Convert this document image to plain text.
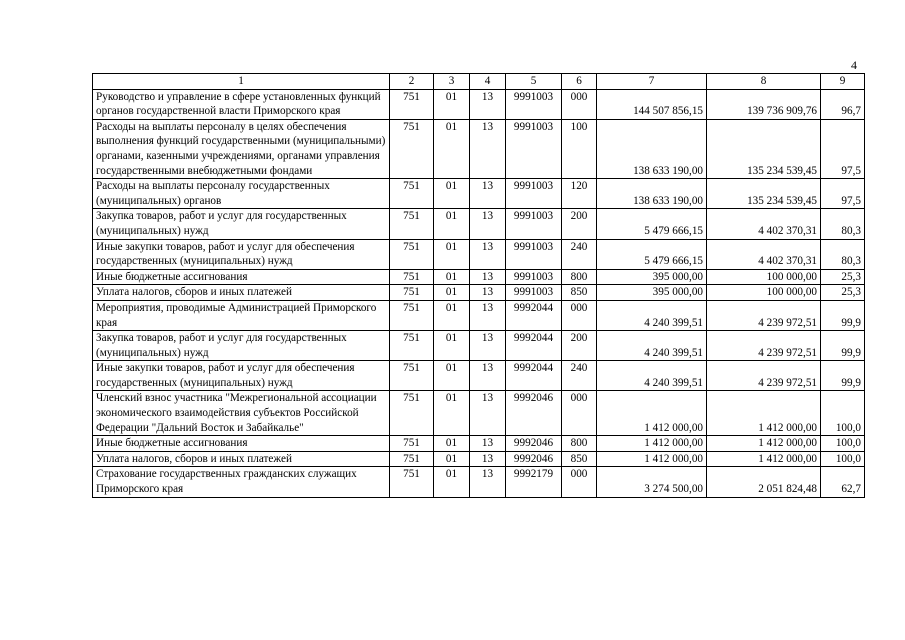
4
1	2	3	4	5	6	7	8	9
Руководство и управление в сфере установленных функций органов государственной власти Приморского края	751	01	13	9991003	000	144 507 856,15	139 736 909,76	96,7
Расходы на выплаты персоналу в целях обеспечения выполнения функций государственными (муниципальными) органами, казенными учреждениями, органами управления государственными внебюджетными фондами	751	01	13	9991003	100	138 633 190,00	135 234 539,45	97,5
Расходы на выплаты персоналу государственных (муниципальных) органов	751	01	13	9991003	120	138 633 190,00	135 234 539,45	97,5
Закупка товаров, работ и услуг для государственных (муниципальных) нужд	751	01	13	9991003	200	5 479 666,15	4 402 370,31	80,3
Иные закупки товаров, работ и услуг для обеспечения государственных (муниципальных) нужд	751	01	13	9991003	240	5 479 666,15	4 402 370,31	80,3
Иные бюджетные ассигнования	751	01	13	9991003	800	395 000,00	100 000,00	25,3
Уплата налогов, сборов и иных платежей	751	01	13	9991003	850	395 000,00	100 000,00	25,3
Мероприятия, проводимые Администрацией Приморского края	751	01	13	9992044	000	4 240 399,51	4 239 972,51	99,9
Закупка товаров, работ и услуг для государственных (муниципальных) нужд	751	01	13	9992044	200	4 240 399,51	4 239 972,51	99,9
Иные закупки товаров, работ и услуг для обеспечения государственных (муниципальных) нужд	751	01	13	9992044	240	4 240 399,51	4 239 972,51	99,9
Членский взнос участника "Межрегиональной ассоциации экономического взаимодействия субъектов Российской Федерации "Дальний Восток и Забайкалье"	751	01	13	9992046	000	1 412 000,00	1 412 000,00	100,0
Иные бюджетные ассигнования	751	01	13	9992046	800	1 412 000,00	1 412 000,00	100,0
Уплата налогов, сборов и иных платежей	751	01	13	9992046	850	1 412 000,00	1 412 000,00	100,0
Страхование государственных гражданских служащих Приморского края	751	01	13	9992179	000	3 274 500,00	2 051 824,48	62,7
